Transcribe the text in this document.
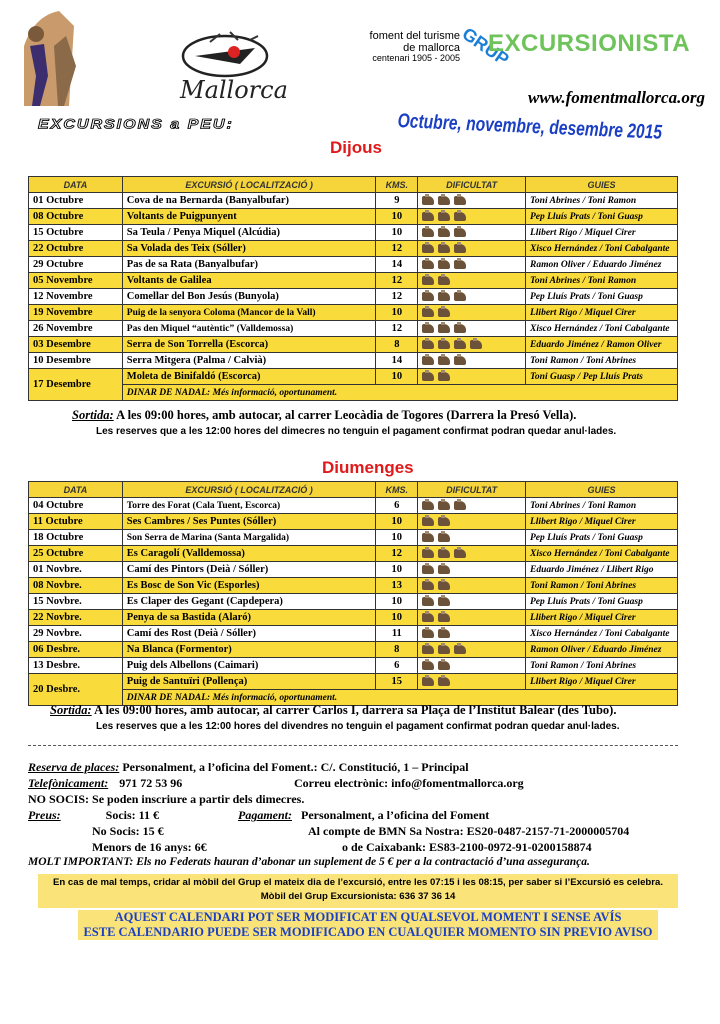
Mallorca
foment del turisme
de mallorca
centenari 1905 - 2005
GRUP
EXCURSIONISTA
www.fomentmallorca.org
EXCURSIONS a PEU:	Octubre, novembre, desembre 2015
Dijous
DATA	EXCURSIÓ ( LOCALITZACIÓ )	KMS.	DIFICULTAT	GUIES
01 Octubre	Cova de na Bernarda (Banyalbufar)	9		Toni Abrines / Toni Ramon
08 Octubre	Voltants de Puigpunyent	10		Pep Lluís Prats / Toni Guasp
15 Octubre	Sa Teula / Penya Miquel (Alcúdia)	10		Llibert Rigo / Miquel Cirer
22 Octubre	Sa Volada des Teix (Sóller)	12		Xisco Hernández / Toni Cabalgante
29 Octubre	Pas de sa Rata (Banyalbufar)	14		Ramon Oliver / Eduardo Jiménez
05 Novembre	Voltants de Galilea	12		Toni Abrines / Toni Ramon
12 Novembre	Comellar del Bon Jesús (Bunyola)	12		Pep Lluís Prats / Toni Guasp
19 Novembre	Puig de la senyora Coloma (Mancor de la Vall)	10		Llibert Rigo / Miquel Cirer
26 Novembre	Pas den Miquel “autèntic” (Valldemossa)	12		Xisco Hernández / Toni Cabalgante
03 Desembre	Serra de Son Torrella (Escorca)	8		Eduardo Jiménez / Ramon Oliver
10 Desembre	Serra Mitgera (Palma / Calvià)	14		Toni Ramon / Toni Abrines
17 Desembre	Moleta de Binifaldó (Escorca)	10		Toni Guasp / Pep Lluís Prats
	DINAR DE NADAL: Més informació, oportunament.			
Sortida: A les 09:00 hores, amb autocar, al carrer Leocàdia de Togores (Darrera la Presó Vella).
Les reserves que a les 12:00 hores del dimecres no tenguin el pagament confirmat podran quedar anul·lades.
Diumenges
DATA	EXCURSIÓ ( LOCALITZACIÓ )	KMS.	DIFICULTAT	GUIES
04 Octubre	Torre des Forat (Cala Tuent, Escorca)	6		Toni Abrines / Toni Ramon
11 Octubre	Ses Cambres / Ses Puntes (Sóller)	10		Llibert Rigo / Miquel Cirer
18 Octubre	Son Serra de Marina (Santa Margalida)	10		Pep Lluís Prats / Toni Guasp
25 Octubre	Es Caragolí (Valldemossa)	12		Xisco Hernández / Toni Cabalgante
01 Novbre.	Camí des Pintors (Deià / Sóller)	10		Eduardo Jiménez / Llibert Rigo
08 Novbre.	Es Bosc de Son Vic (Esporles)	13		Toni Ramon / Toni Abrines
15 Novbre.	Es Claper des Gegant (Capdepera)	10		Pep Lluís Prats / Toni Guasp
22 Novbre.	Penya de sa Bastida (Alaró)	10		Llibert Rigo / Miquel Cirer
29 Novbre.	Camí des Rost (Deià / Sóller)	11		Xisco Hernández / Toni Cabalgante
06 Desbre.	Na Blanca (Formentor)	8		Ramon Oliver / Eduardo Jiménez
13 Desbre.	Puig dels Albellons (Caimari)	6		Toni Ramon / Toni Abrines
20 Desbre.	Puig de Santuïri (Pollença)	15		Llibert Rigo / Miquel Cirer
	DINAR DE NADAL: Més informació, oportunament.			
Sortida: A les 09:00 hores, amb autocar, al carrer Carlos I, darrera sa Plaça de l’Institut Balear (des Tubo).
Les reserves que a les 12:00 hores del divendres no tenguin el pagament confirmat podran quedar anul·lades.
Reserva de places: Personalment, a l’oficina del Foment.: C/. Constitució, 1 – Principal
Telefònicament: 971 72 53 96	Correu electrònic: info@fomentmallorca.org
NO SOCIS: Se poden inscriure a partir dels dimecres.
Preus:	Socis: 11 €	Pagament: Personalment, a l’oficina del Foment
No Socis: 15 €	Al compte de BMN Sa Nostra: ES20-0487-2157-71-2000005704
Menors de 16 anys: 6€	o de Caixabank: ES83-2100-0972-91-0200158874
MOLT IMPORTANT: Els no Federats hauran d’abonar un suplement de 5 € per a la contractació d’una assegurança.
En cas de mal temps, cridar al mòbil del Grup el mateix dia de l’excursió, entre les 07:15 i les 08:15, per saber si l’Excursió es celebra.
Mòbil del Grup Excursionista: 636 37 36 14
AQUEST CALENDARI POT SER MODIFICAT EN QUALSEVOL MOMENT I SENSE AVÍS
ESTE CALENDARIO PUEDE SER MODIFICADO EN CUALQUIER MOMENTO SIN PREVIO AVISO
